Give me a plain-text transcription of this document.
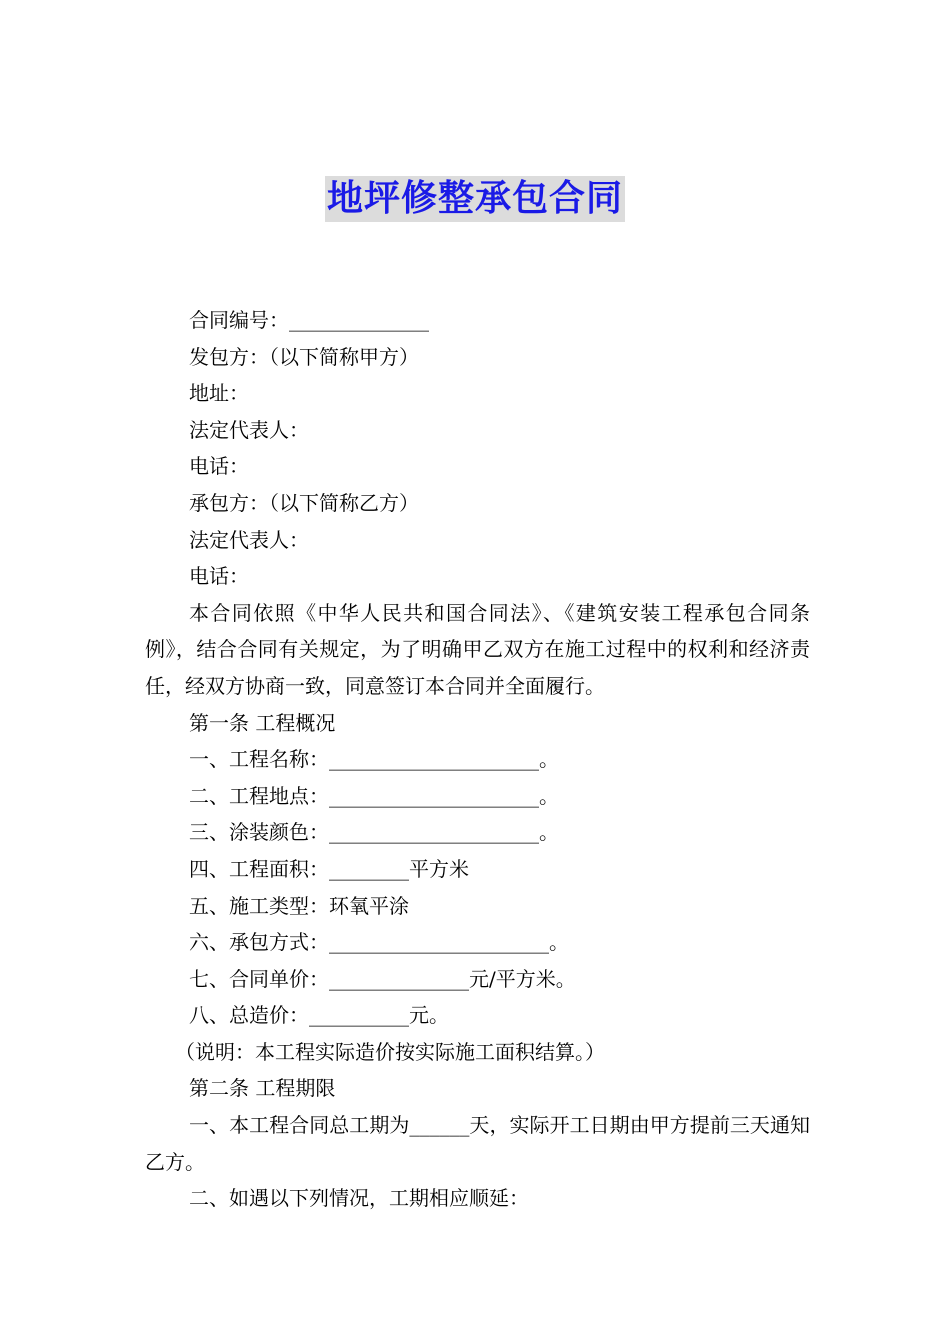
地坪修整承包合同

合同编号：______________

发包方：（以下简称甲方）

地址：

法定代表人：

电话：

承包方：（以下简称乙方）

法定代表人：

电话：

本合同依照《中华人民共和国合同法》、《建筑安装工程承包合同条例》，结合合同有关规定，为了明确甲乙双方在施工过程中的权利和经济责任，经双方协商一致，同意签订本合同并全面履行。

第一条 工程概况

一、工程名称：_____________________。

二、工程地点：_____________________。

三、涂装颜色：_____________________。

四、工程面积：________平方米

五、施工类型：环氧平涂

六、承包方式：______________________。

七、合同单价：______________元/平方米。

八、总造价：__________元。

（说明：本工程实际造价按实际施工面积结算。）

第二条 工程期限

一、本工程合同总工期为______天，实际开工日期由甲方提前三天通知乙方。

二、如遇以下列情况，工期相应顺延：
